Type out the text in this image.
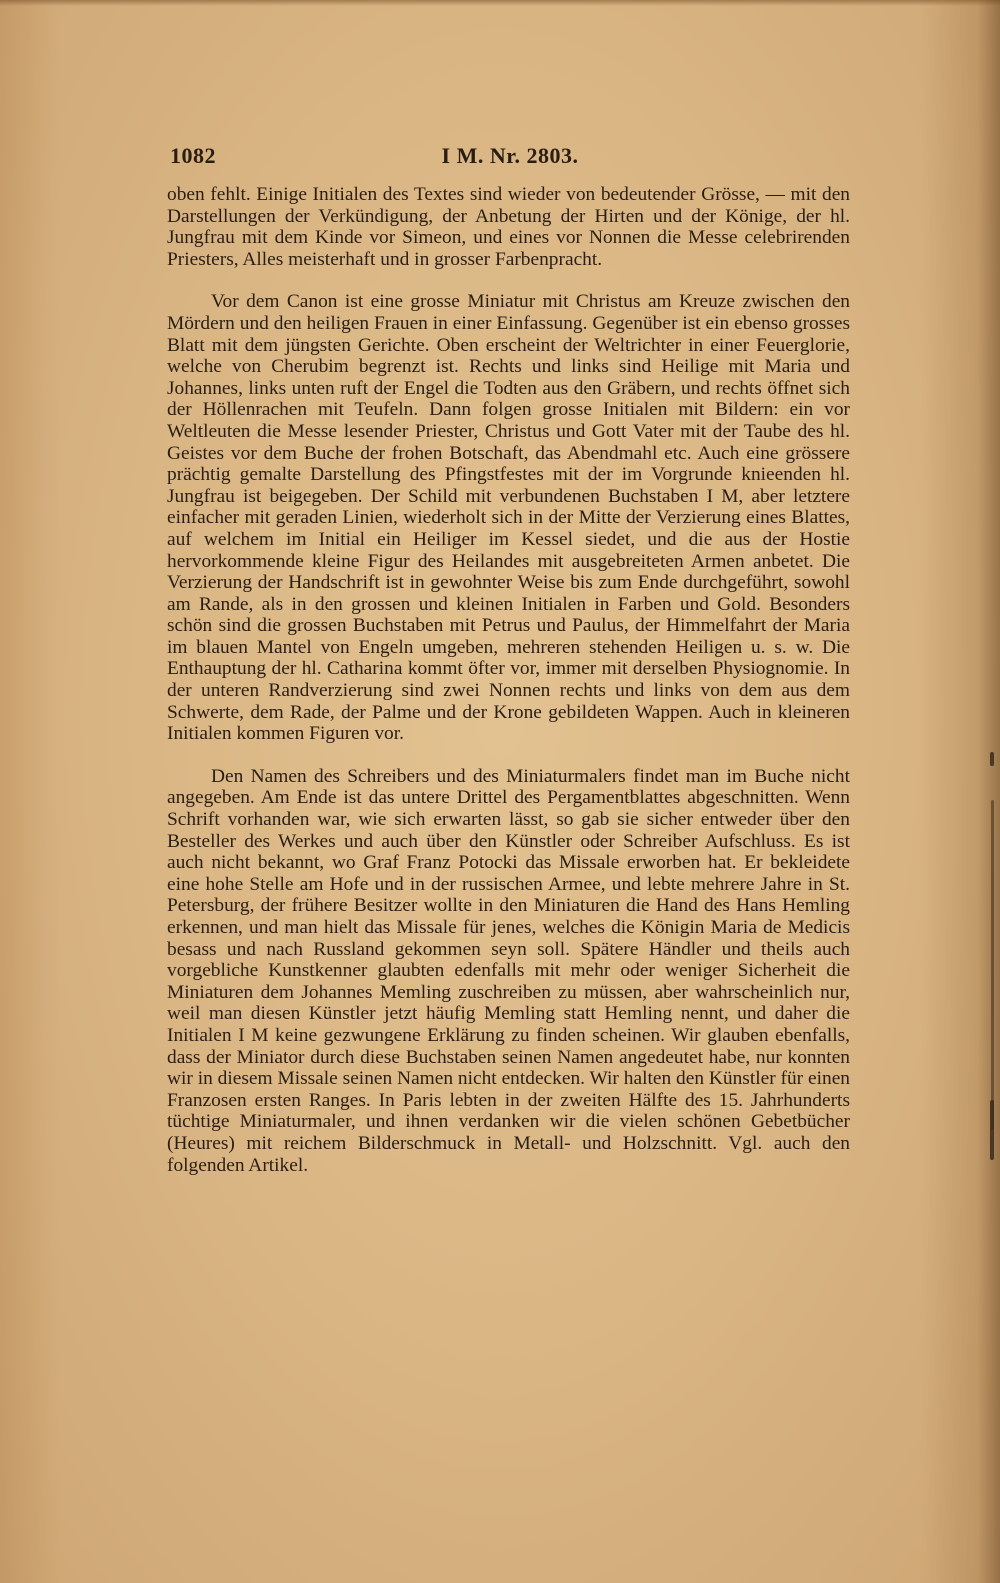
1082	I M. Nr. 2803.

oben fehlt. Einige Initialen des Textes sind wieder von bedeutender Grösse, — mit den Darstellungen der Verkündigung, der Anbetung der Hirten und der Könige, der hl. Jungfrau mit dem Kinde vor Simeon, und eines vor Nonnen die Messe celebrirenden Priesters, Alles meisterhaft und in grosser Farbenpracht.

Vor dem Canon ist eine grosse Miniatur mit Christus am Kreuze zwischen den Mördern und den heiligen Frauen in einer Einfassung. Gegenüber ist ein ebenso grosses Blatt mit dem jüngsten Gerichte. Oben erscheint der Weltrichter in einer Feuerglorie, welche von Cherubim begrenzt ist. Rechts und links sind Heilige mit Maria und Johannes, links unten ruft der Engel die Todten aus den Gräbern, und rechts öffnet sich der Höllenrachen mit Teufeln. Dann folgen grosse Initialen mit Bildern: ein vor Weltleuten die Messe lesender Priester, Christus und Gott Vater mit der Taube des hl. Geistes vor dem Buche der frohen Botschaft, das Abendmahl etc. Auch eine grössere prächtig gemalte Darstellung des Pfingstfestes mit der im Vorgrunde knieenden hl. Jungfrau ist beigegeben. Der Schild mit verbundenen Buchstaben I M, aber letztere einfacher mit geraden Linien, wiederholt sich in der Mitte der Verzierung eines Blattes, auf welchem im Initial ein Heiliger im Kessel siedet, und die aus der Hostie hervorkommende kleine Figur des Heilandes mit ausgebreiteten Armen anbetet. Die Verzierung der Handschrift ist in gewohnter Weise bis zum Ende durchgeführt, sowohl am Rande, als in den grossen und kleinen Initialen in Farben und Gold. Besonders schön sind die grossen Buchstaben mit Petrus und Paulus, der Himmelfahrt der Maria im blauen Mantel von Engeln umgeben, mehreren stehenden Heiligen u. s. w. Die Enthauptung der hl. Catharina kommt öfter vor, immer mit derselben Physiognomie. In der unteren Randverzierung sind zwei Nonnen rechts und links von dem aus dem Schwerte, dem Rade, der Palme und der Krone gebildeten Wappen. Auch in kleineren Initialen kommen Figuren vor.

Den Namen des Schreibers und des Miniaturmalers findet man im Buche nicht angegeben. Am Ende ist das untere Drittel des Pergamentblattes abgeschnitten. Wenn Schrift vorhanden war, wie sich erwarten lässt, so gab sie sicher entweder über den Besteller des Werkes und auch über den Künstler oder Schreiber Aufschluss. Es ist auch nicht bekannt, wo Graf Franz Potocki das Missale erworben hat. Er bekleidete eine hohe Stelle am Hofe und in der russischen Armee, und lebte mehrere Jahre in St. Petersburg, der frühere Besitzer wollte in den Miniaturen die Hand des Hans Hemling erkennen, und man hielt das Missale für jenes, welches die Königin Maria de Medicis besass und nach Russland gekommen seyn soll. Spätere Händler und theils auch vorgebliche Kunstkenner glaubten edenfalls mit mehr oder weniger Sicherheit die Miniaturen dem Johannes Memling zuschreiben zu müssen, aber wahrscheinlich nur, weil man diesen Künstler jetzt häufig Memling statt Hemling nennt, und daher die Initialen I M keine gezwungene Erklärung zu finden scheinen. Wir glauben ebenfalls, dass der Miniator durch diese Buchstaben seinen Namen angedeutet habe, nur konnten wir in diesem Missale seinen Namen nicht entdecken. Wir halten den Künstler für einen Franzosen ersten Ranges. In Paris lebten in der zweiten Hälfte des 15. Jahrhunderts tüchtige Miniaturmaler, und ihnen verdanken wir die vielen schönen Gebetbücher (Heures) mit reichem Bilderschmuck in Metall- und Holzschnitt. Vgl. auch den folgenden Artikel.
